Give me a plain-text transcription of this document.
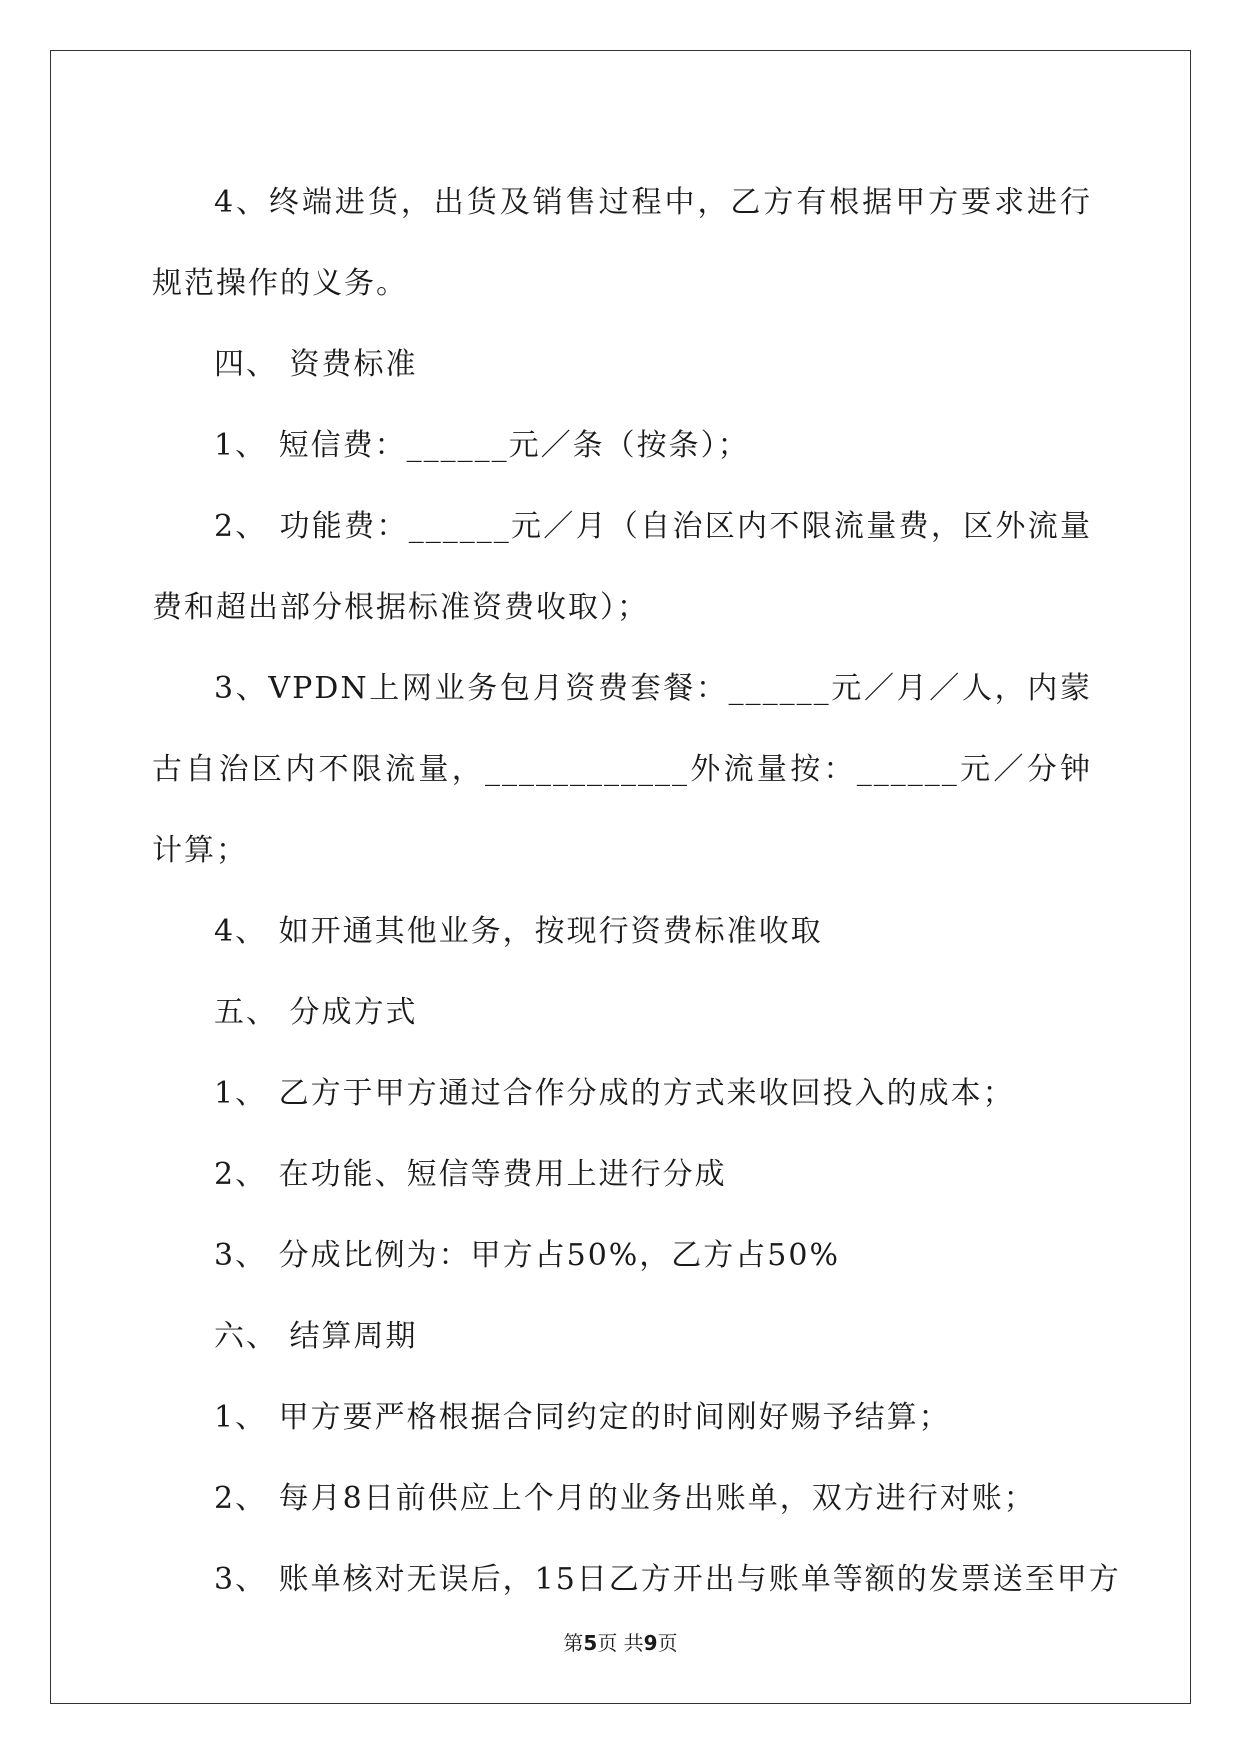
4、终端进货，出货及销售过程中，乙方有根据甲方要求进行规范操作的义务。

四、 资费标准

1、 短信费：______元／条（按条）；

2、 功能费：______元／月（自治区内不限流量费，区外流量费和超出部分根据标准资费收取）；

3、VPDN上网业务包月资费套餐：______元／月／人，内蒙古自治区内不限流量，____________外流量按：______元／分钟计算；

4、 如开通其他业务，按现行资费标准收取

五、 分成方式

1、 乙方于甲方通过合作分成的方式来收回投入的成本；

2、 在功能、短信等费用上进行分成

3、 分成比例为：甲方占50%，乙方占50%

六、 结算周期

1、 甲方要严格根据合同约定的时间刚好赐予结算；

2、 每月8日前供应上个月的业务出账单，双方进行对账；

3、 账单核对无误后，15日乙方开出与账单等额的发票送至甲方

第5页 共9页
